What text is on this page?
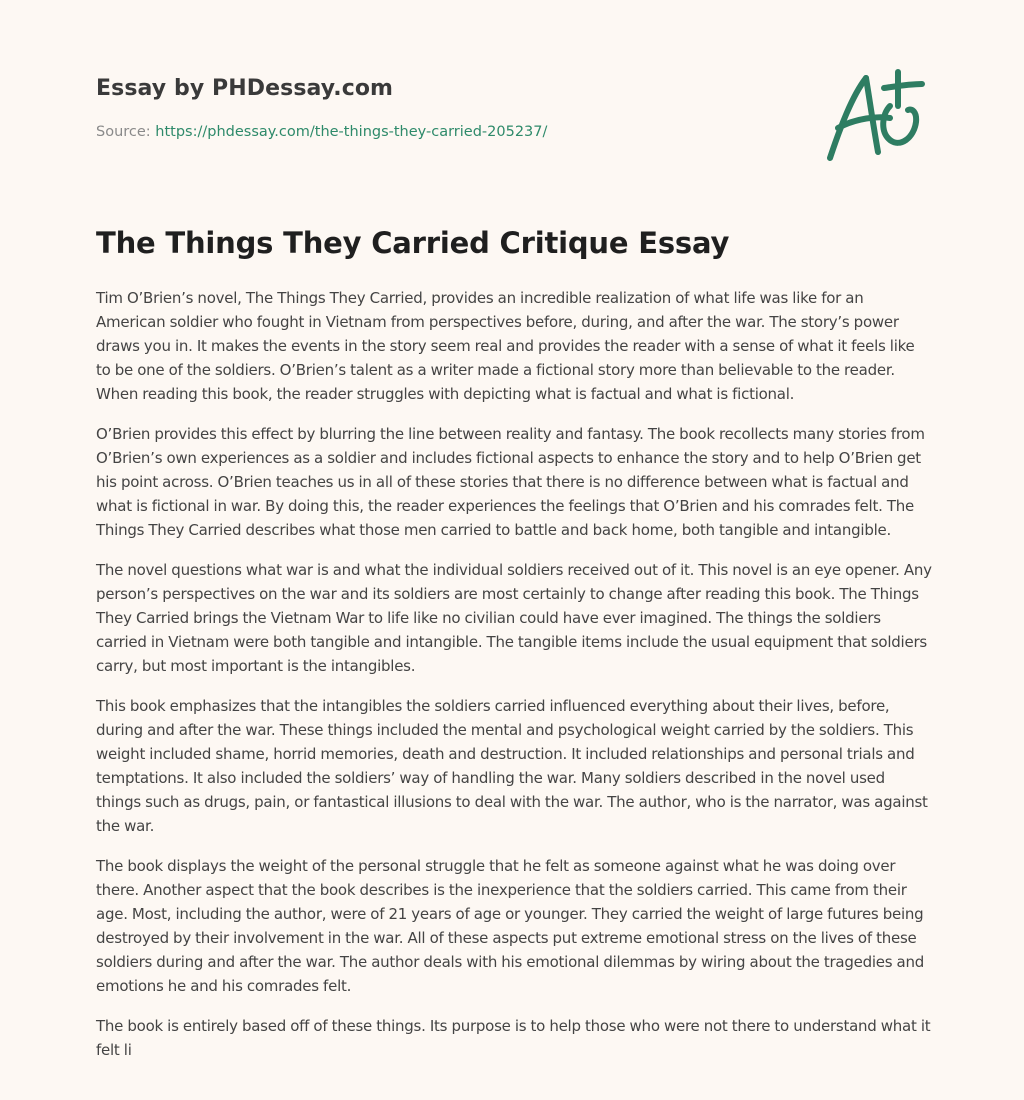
Essay by PHDessay.com
Source: https://phdessay.com/the-things-they-carried-205237/
The Things They Carried Critique Essay

Tim O’Brien’s novel, The Things They Carried, provides an incredible realization of what life was like for an American soldier who fought in Vietnam from perspectives before, during, and after the war. The story’s power draws you in. It makes the events in the story seem real and provides the reader with a sense of what it feels like to be one of the soldiers. O’Brien’s talent as a writer made a fictional story more than believable to the reader. When reading this book, the reader struggles with depicting what is factual and what is fictional.

O’Brien provides this effect by blurring the line between reality and fantasy. The book recollects many stories from O’Brien’s own experiences as a soldier and includes fictional aspects to enhance the story and to help O’Brien get his point across. O’Brien teaches us in all of these stories that there is no difference between what is factual and what is fictional in war. By doing this, the reader experiences the feelings that O’Brien and his comrades felt. The Things They Carried describes what those men carried to battle and back home, both tangible and intangible.

The novel questions what war is and what the individual soldiers received out of it. This novel is an eye opener. Any person’s perspectives on the war and its soldiers are most certainly to change after reading this book. The Things They Carried brings the Vietnam War to life like no civilian could have ever imagined. The things the soldiers carried in Vietnam were both tangible and intangible. The tangible items include the usual equipment that soldiers carry, but most important is the intangibles.

This book emphasizes that the intangibles the soldiers carried influenced everything about their lives, before, during and after the war. These things included the mental and psychological weight carried by the soldiers. This weight included shame, horrid memories, death and destruction. It included relationships and personal trials and temptations. It also included the soldiers’ way of handling the war. Many soldiers described in the novel used things such as drugs, pain, or fantastical illusions to deal with the war. The author, who is the narrator, was against the war.

The book displays the weight of the personal struggle that he felt as someone against what he was doing over there. Another aspect that the book describes is the inexperience that the soldiers carried. This came from their age. Most, including the author, were of 21 years of age or younger. They carried the weight of large futures being destroyed by their involvement in the war. All of these aspects put extreme emotional stress on the lives of these soldiers during and after the war. The author deals with his emotional dilemmas by wiring about the tragedies and emotions he and his comrades felt.

The book is entirely based off of these things. Its purpose is to help those who were not there to understand what it felt li
